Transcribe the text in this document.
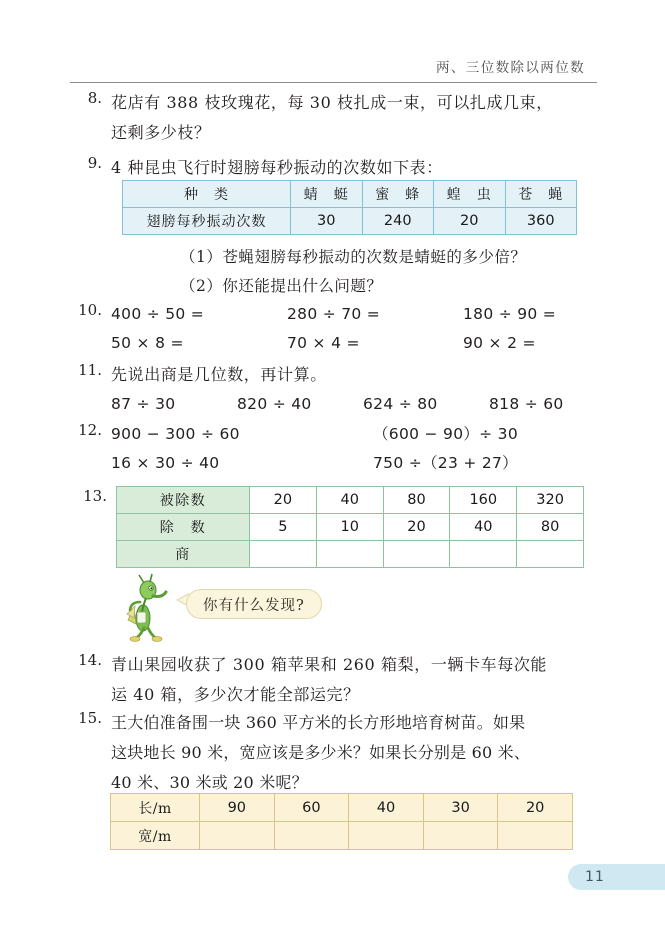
两、三位数除以两位数
8. 花店有 388 枝玫瑰花，每 30 枝扎成一束，可以扎成几束，
还剩多少枝？
9. 4 种昆虫飞行时翅膀每秒振动的次数如下表：
（1）苍蝇翅膀每秒振动的次数是蜻蜓的多少倍？
（2）你还能提出什么问题？
10. 400 ÷ 50 =	280 ÷ 70 =	180 ÷ 90 =
50 × 8 =	70 × 4 =	90 × 2 =
11. 先说出商是几位数，再计算。
87 ÷ 30	820 ÷ 40	624 ÷ 80	818 ÷ 60
12. 900 − 300 ÷ 60	（600 − 90）÷ 30
16 × 30 ÷ 40	750 ÷（23 + 27）
14. 青山果园收获了 300 箱苹果和 260 箱梨，一辆卡车每次能
运 40 箱，多少次才能全部运完？
15. 王大伯准备围一块 360 平方米的长方形地培育树苗。如果
这块地长 90 米，宽应该是多少米？如果长分别是 60 米、
40 米、30 米或 20 米呢？
种　类	蜻　蜓	蜜　蜂	蝗　虫	苍　蝇
翅膀每秒振动次数	30	240	20	360
13.	被除数	20	40	80	160	320
除　数	5	10	20	40	80
商					
你有什么发现?
长/m	90	60	40	30	20
宽/m					
11
